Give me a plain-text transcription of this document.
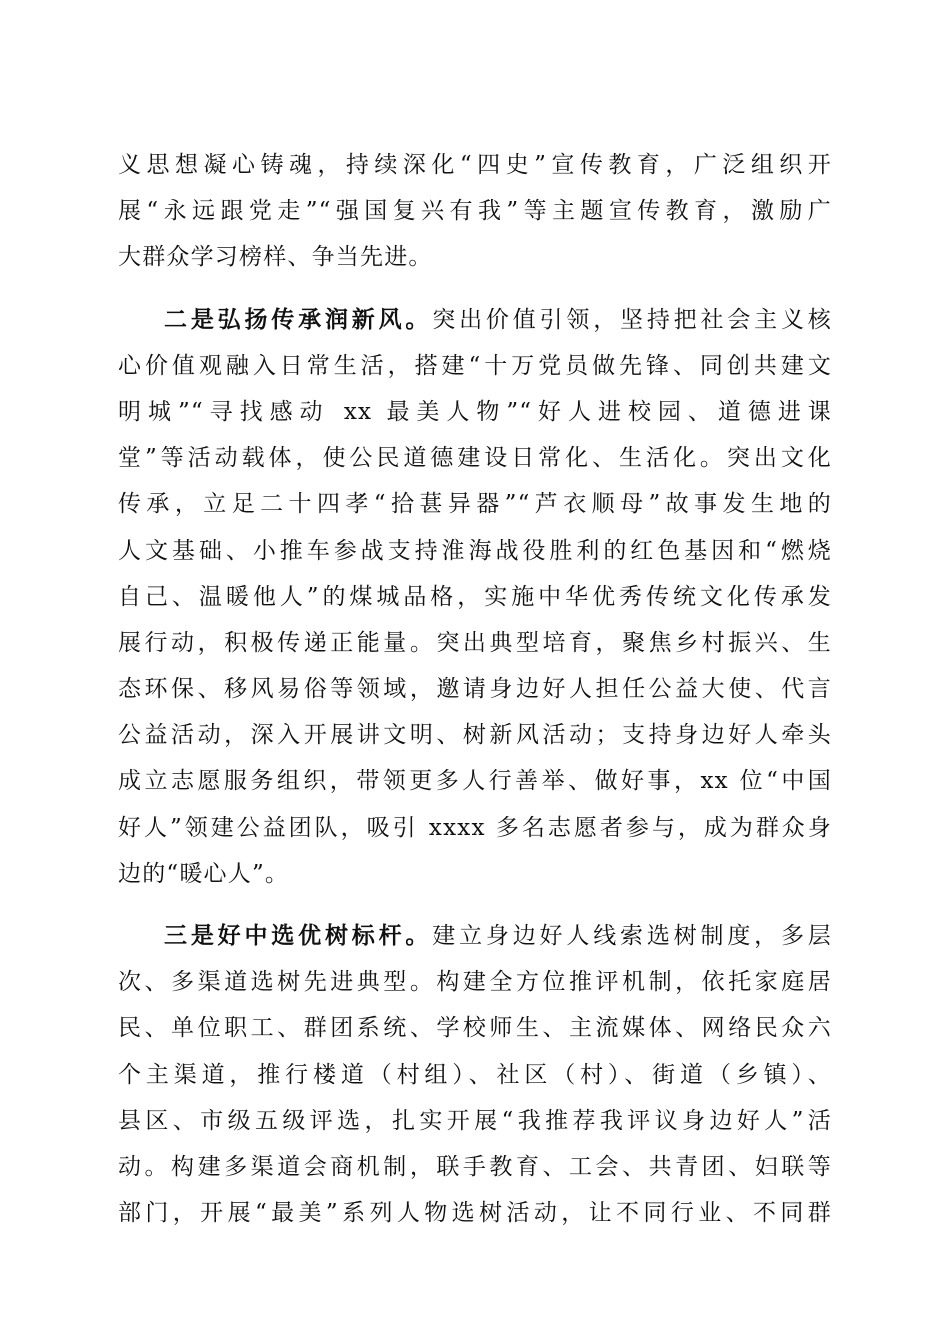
义思想凝心铸魂，持续深化“四史”宣传教育，广泛组织开
展“永远跟党走”“强国复兴有我”等主题宣传教育，激励广
大群众学习榜样、争当先进。
二是弘扬传承润新风。突出价值引领，坚持把社会主义核
心价值观融入日常生活，搭建“十万党员做先锋、同创共建文
明城”“寻找感动 xx 最美人物”“好人进校园、道德进课
堂”等活动载体，使公民道德建设日常化、生活化。突出文化
传承，立足二十四孝“拾葚异器”“芦衣顺母”故事发生地的
人文基础、小推车参战支持淮海战役胜利的红色基因和“燃烧
自己、温暖他人”的煤城品格，实施中华优秀传统文化传承发
展行动，积极传递正能量。突出典型培育，聚焦乡村振兴、生
态环保、移风易俗等领域，邀请身边好人担任公益大使、代言
公益活动，深入开展讲文明、树新风活动；支持身边好人牵头
成立志愿服务组织，带领更多人行善举、做好事，xx 位“中国
好人”领建公益团队，吸引 xxxx 多名志愿者参与，成为群众身
边的“暖心人”。
三是好中选优树标杆。建立身边好人线索选树制度，多层
次、多渠道选树先进典型。构建全方位推评机制，依托家庭居
民、单位职工、群团系统、学校师生、主流媒体、网络民众六
个主渠道，推行楼道（村组）、社区（村）、街道（乡镇）、
县区、市级五级评选，扎实开展“我推荐我评议身边好人”活
动。构建多渠道会商机制，联手教育、工会、共青团、妇联等
部门，开展“最美”系列人物选树活动，让不同行业、不同群
